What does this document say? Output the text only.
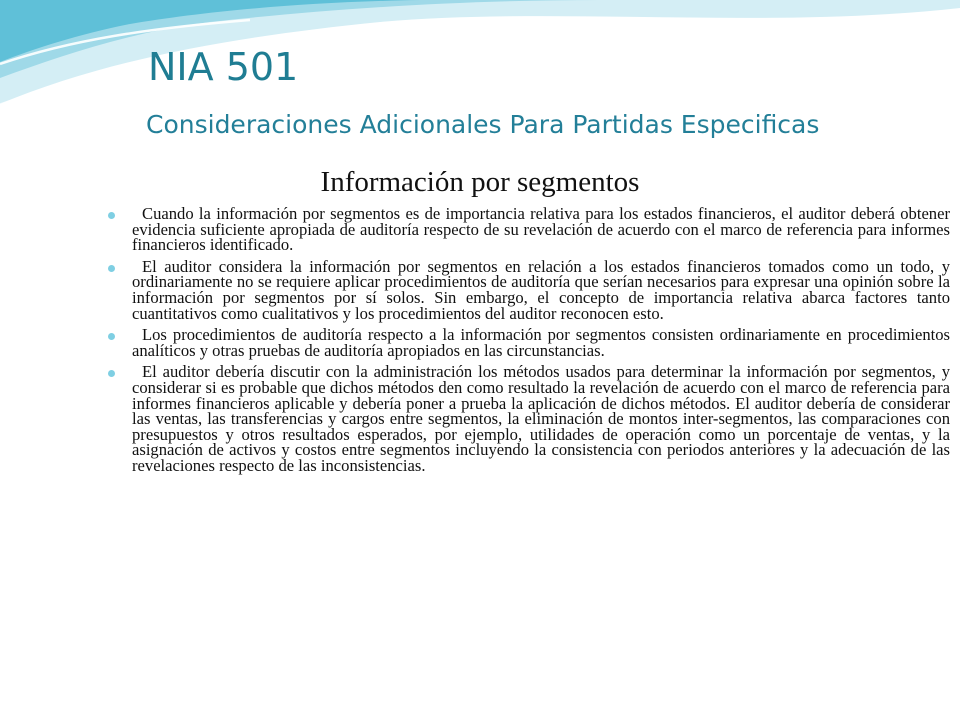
NIA 501
Consideraciones Adicionales Para Partidas Especificas
Información por segmentos
Cuando la información por segmentos es de importancia relativa para los estados financieros, el auditor deberá obtener evidencia suficiente apropiada de auditoría respecto de su revelación de acuerdo con el marco de referencia para informes financieros identificado.
El auditor considera la información por segmentos en relación a los estados financieros tomados como un todo, y ordinariamente no se requiere aplicar procedimientos de auditoría que serían necesarios para expresar una opinión sobre la información por segmentos por sí solos. Sin embargo, el concepto de importancia relativa abarca factores tanto cuantitativos como cualitativos y los procedimientos del auditor reconocen esto.
Los procedimientos de auditoría respecto a la información por segmentos consisten ordinariamente en procedimientos analíticos y otras pruebas de auditoría apropiados en las circunstancias.
El auditor debería discutir con la administración los métodos usados para determinar la información por segmentos, y considerar si es probable que dichos métodos den como resultado la revelación de acuerdo con el marco de referencia para informes financieros aplicable y debería poner a prueba la aplicación de dichos métodos. El auditor debería de considerar las ventas, las transferencias y cargos entre segmentos, la eliminación de montos inter-segmentos, las comparaciones con presupuestos y otros resultados esperados, por ejemplo, utilidades de operación como un porcentaje de ventas, y la asignación de activos y costos entre segmentos incluyendo la consistencia con periodos anteriores y la adecuación de las revelaciones respecto de las inconsistencias.
